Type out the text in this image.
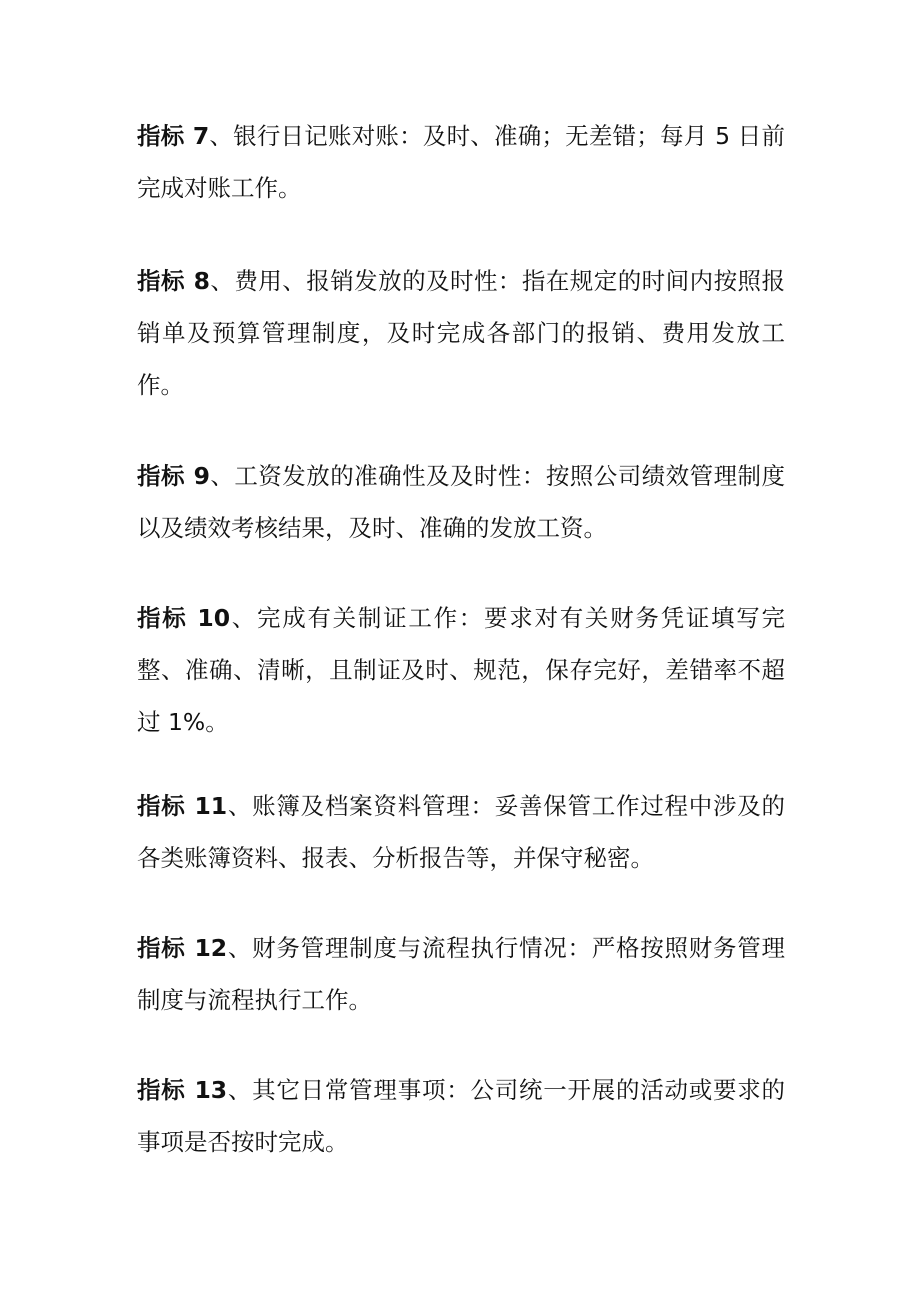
指标 7、银行日记账对账：及时、准确；无差错；每月 5 日前完成对账工作。

指标 8、费用、报销发放的及时性：指在规定的时间内按照报销单及预算管理制度，及时完成各部门的报销、费用发放工作。

指标 9、工资发放的准确性及及时性：按照公司绩效管理制度以及绩效考核结果，及时、准确的发放工资。

指标 10、完成有关制证工作：要求对有关财务凭证填写完整、准确、清晰，且制证及时、规范，保存完好，差错率不超过 1%。

指标 11、账簿及档案资料管理：妥善保管工作过程中涉及的各类账簿资料、报表、分析报告等，并保守秘密。

指标 12、财务管理制度与流程执行情况：严格按照财务管理制度与流程执行工作。

指标 13、其它日常管理事项：公司统一开展的活动或要求的事项是否按时完成。
